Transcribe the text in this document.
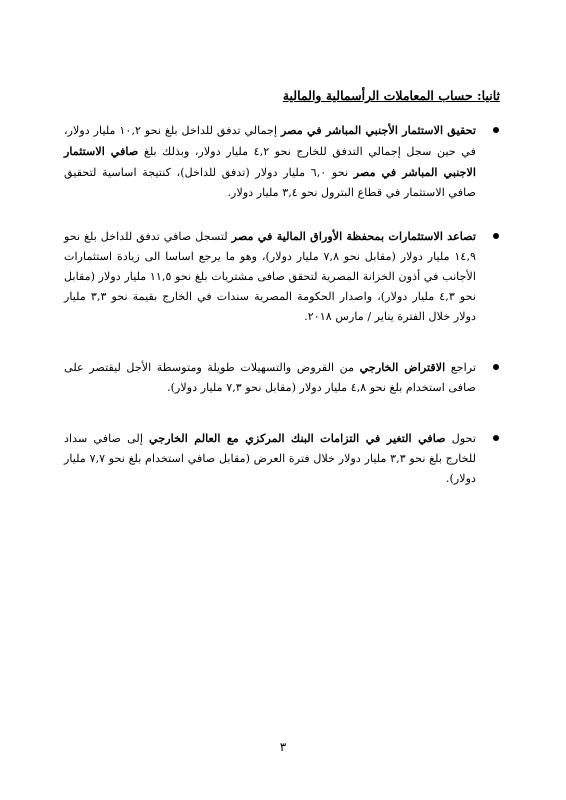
ثانيا: حساب المعاملات الرأسمالية والمالية
تحقيق الاستثمار الأجنبي المباشر في مصر إجمالي تدفق للداخل بلغ نحو ١٠,٢ مليار دولار، في حين سجل إجمالي التدفق للخارج نحو ٤,٢ مليار دولار، وبذلك بلغ صافي الاستثمار الاجنبي المباشر في مصر نحو ٦,٠ مليار دولار (تدفق للداخل)، كنتيجة اساسية لتحقيق صافي الاستثمار في قطاع البترول نحو ٣,٤ مليار دولار.
تصاعد الاستثمارات بمحفظة الأوراق المالية في مصر لتسجل صافي تدفق للداخل بلغ نحو ١٤,٩ مليار دولار (مقابل نحو ٧,٨ مليار دولار)، وهو ما يرجع اساسا الى زيادة استثمارات الأجانب في أذون الخزانة المصرية لتحقق صافى مشتريات بلغ نحو ١١,٥ مليار دولار (مقابل نحو ٤,٣ مليار دولار)، واصدار الحكومة المصرية سندات في الخارج بقيمة نحو ٣,٣ مليار دولار خلال الفترة يناير / مارس ٢٠١٨.
تراجع الاقتراض الخارجي من القروض والتسهيلات طويلة ومتوسطة الأجل ليقتصر على صافى استخدام بلغ نحو ٤,٨ مليار دولار (مقابل نحو ٧,٣ مليار دولار).
تحول صافي التغير في التزامات البنك المركزي مع العالم الخارجي إلى صافي سداد للخارج بلغ نحو ٣,٣ مليار دولار خلال فترة العرض (مقابل صافي استخدام بلغ نحو ٧,٧ مليار دولار).
٣
